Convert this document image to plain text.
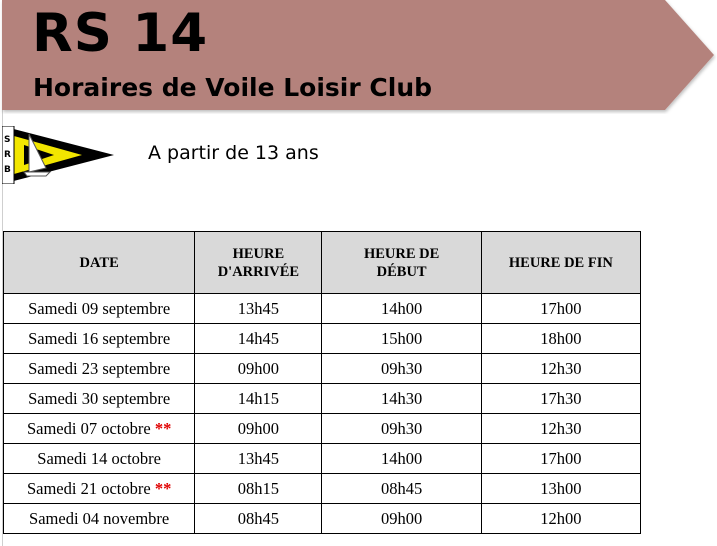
RS 14
Horaires de Voile Loisir Club
S
R
B
A partir de 13 ans
DATE	HEURE D'ARRIVÉE	HEURE DE DÉBUT	HEURE DE FIN
Samedi 09 septembre	13h45	14h00	17h00
Samedi 16 septembre	14h45	15h00	18h00
Samedi 23 septembre	09h00	09h30	12h30
Samedi 30 septembre	14h15	14h30	17h30
Samedi 07 octobre **	09h00	09h30	12h30
Samedi 14 octobre	13h45	14h00	17h00
Samedi 21 octobre **	08h15	08h45	13h00
Samedi 04 novembre	08h45	09h00	12h00
